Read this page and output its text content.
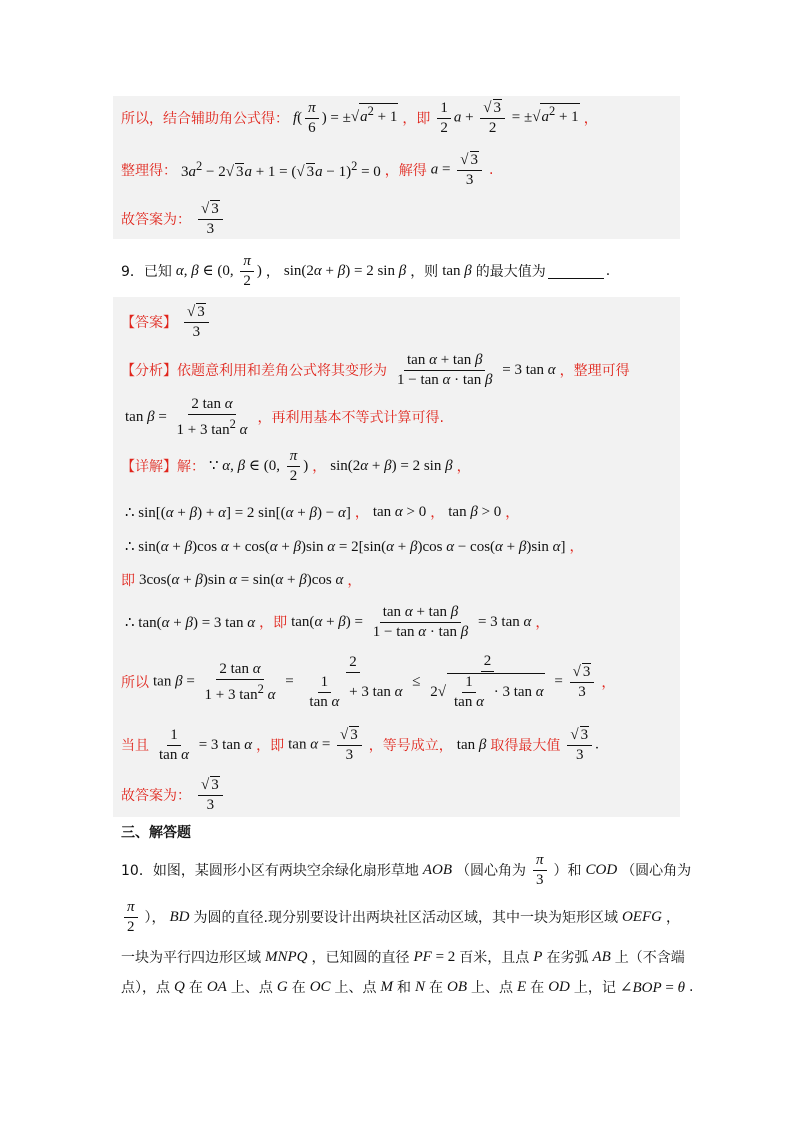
所以，结合辅助角公式得： $f( \frac{\pi}{6}$ ) = $\pm√a^2 + 1$ ，即 $\frac{1}{2}$ $a + \frac{√ 3}{2} = \pm√a^2 + 1$ ，
整理得： $3a^2 - 2√$ 3a + 1 = (√ 3a − 1)$^2$ = 0 ，解得 $a = \frac{√ 3}{3}$ .
故答案为： $\frac{√ 3}{3}$
9．已知 α, β ∈ (0, $\frac{\pi}{2}$ ) ， sin(2α + β) = 2 sin β ，则 tan β 的最大值为	.
【答案】 $\frac{√ 3}{3}$
【分析】 依题意利用和差角公式将其变形为 $\frac{\text{tan α + tan β}}{\text{1 − tan α · tan β}} = 3$ tan α ，整理可得
$\tan \beta = \frac{\text{2 tan α}}{1 + 3 \tan^2 \alpha}$ ，再利用基本不等式计算可得.
【详解】 解： ∵ α, β ∈ (0, $\frac{\pi}{2}$ ) ， sin(2α + β) = 2 sin β ，
∴ sin[(α + β) + α] = 2 sin[(α + β) − α] ， tan α > 0 ， tan β > 0 ，
∴ sin(α + β)cos α + cos(α + β)sin α = 2[sin(α + β)cos α − cos(α + β)sin α] ，
即 3cos(α + β)sin α = sin(α + β)cos α ，
∴ tan(α + β) = 3 tan α ， 即 $\tan(\alpha + \beta) = \frac{\text{tan α + tan β}}{\text{1 − tan α · tan β}} = 3$ tan α ，
所以 $\tan \beta = \frac{\text{2 tan α}}{1 + 3 \tan^2 \alpha} = \frac{2}{\frac{1}{\text{tan α}} + 3 \tan \alpha} \le \frac{2}{2√ \frac{1}{\text{tan α}} \cdot 3 \tan \alpha} = \frac{√ 3}{3}$ ，
当且 $\frac{1}{\text{tan α}} = 3$ tan α ， 即 $\tan \alpha = \frac{√ 3}{3}$ ，等号成立， tan β 取得最大值 $\frac{√ 3}{3}$ .
故答案为： $\frac{√ 3}{3}$
三、解答题
10．如图，某圆形小区有两块空余绿化扇形草地 AOB （圆心角为 $\frac{\pi}{3}$ ）和 COD （圆心角为
$\frac{\pi}{2}$ ）， BD 为圆的直径.现分别要设计出两块社区活动区域，其中一块为矩形区域 OEFG ，
一块为平行四边形区域 MNPQ ，已知圆的直径 PF = 2 百米，且点 P 在劣弧 AB 上（不含端
点），点 Q 在 OA 上、点 G 在 OC 上、点 M 和 N 在 OB 上、点 E 在 OD 上，记 ∠BOP = θ .
